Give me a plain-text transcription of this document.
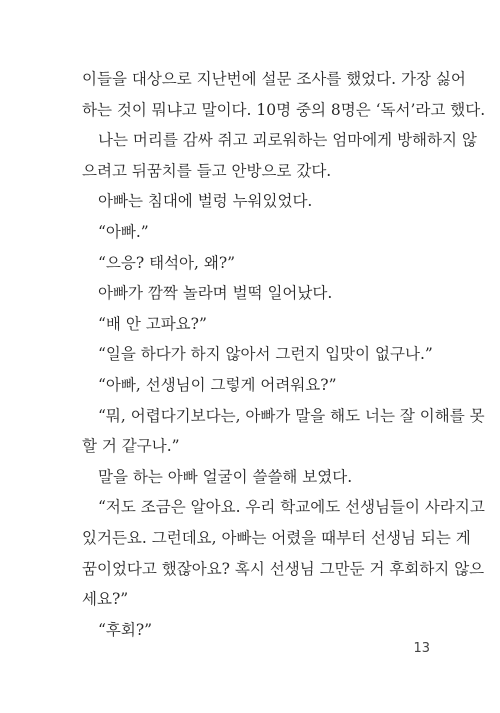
이들을 대상으로 지난번에 설문 조사를 했었다. 가장 싫어
하는 것이 뭐냐고 말이다. 10명 중의 8명은 ‘독서’라고 했다.
나는 머리를 감싸 쥐고 괴로워하는 엄마에게 방해하지 않
으려고 뒤꿈치를 들고 안방으로 갔다.
아빠는 침대에 벌렁 누워있었다.
“아빠.”
“으응? 태석아, 왜?”
아빠가 깜짝 놀라며 벌떡 일어났다.
“배 안 고파요?”
“일을 하다가 하지 않아서 그런지 입맛이 없구나.”
“아빠, 선생님이 그렇게 어려워요?”
“뭐, 어렵다기보다는, 아빠가 말을 해도 너는 잘 이해를 못
할 거 같구나.”
말을 하는 아빠 얼굴이 쓸쓸해 보였다.
“저도 조금은 알아요. 우리 학교에도 선생님들이 사라지고
있거든요. 그런데요, 아빠는 어렸을 때부터 선생님 되는 게
꿈이었다고 했잖아요? 혹시 선생님 그만둔 거 후회하지 않으
세요?”
“후회?”
13
